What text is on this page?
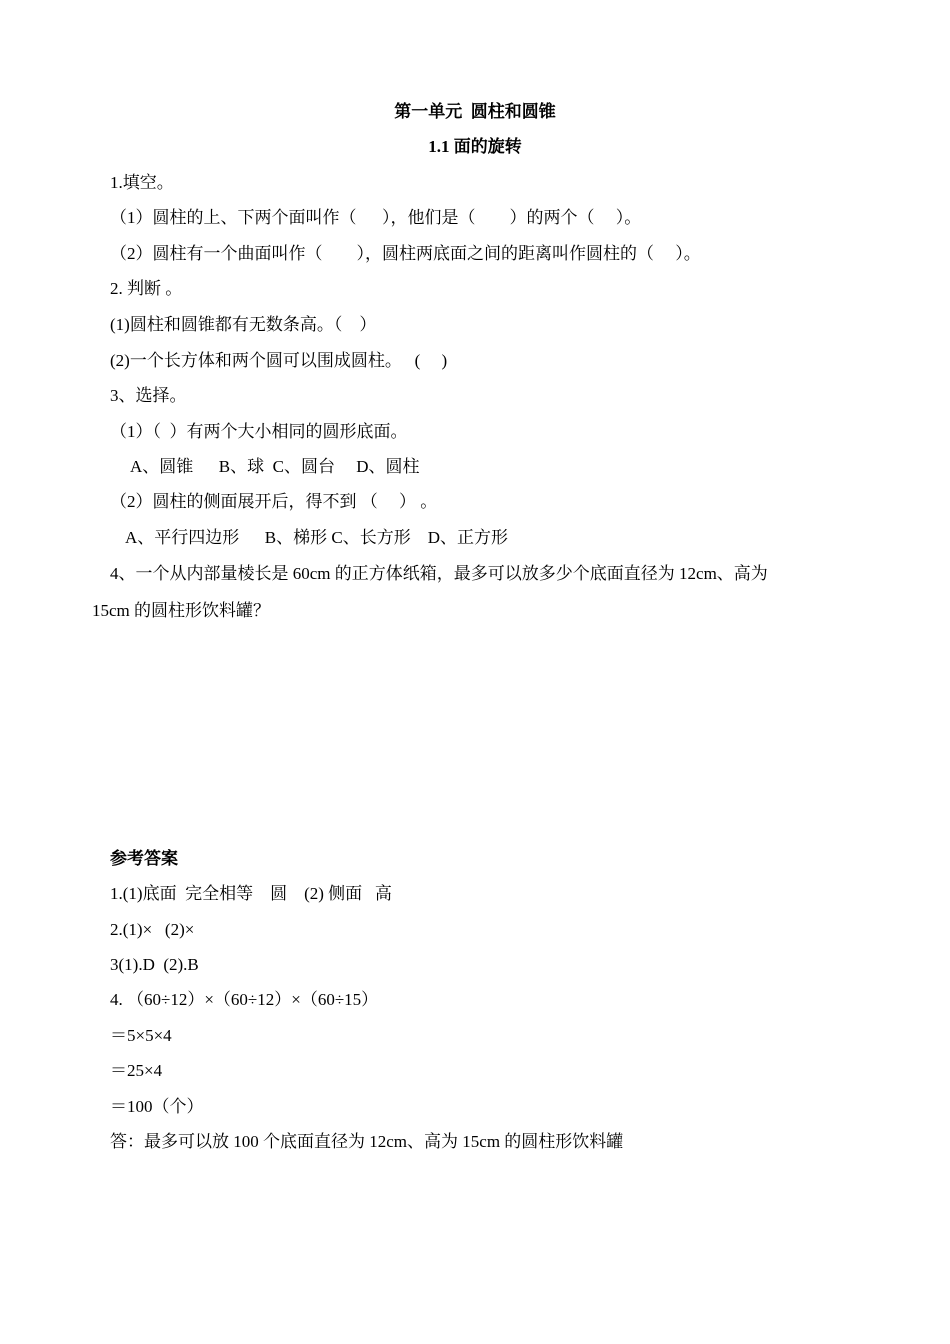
第一单元  圆柱和圆锥
1.1 面的旋转
1.填空。
（1）圆柱的上、下两个面叫作（      ），他们是（        ）的两个（     ）。
（2）圆柱有一个曲面叫作（        ），圆柱两底面之间的距离叫作圆柱的（     ）。
2. 判断 。
(1)圆柱和圆锥都有无数条高。（    ）
(2)一个长方体和两个圆可以围成圆柱。   (     )
3、选择。
（1）（  ）有两个大小相同的圆形底面。
A、圆锥      B、球  C、圆台     D、圆柱
（2）圆柱的侧面展开后，得不到 （     ） 。
A、平行四边形      B、梯形 C、长方形    D、正方形
4、一个从内部量棱长是 60cm 的正方体纸箱，最多可以放多少个底面直径为 12cm、高为
15cm 的圆柱形饮料罐？
参考答案
1.(1)底面  完全相等    圆    (2) 侧面   高
2.(1)×   (2)×
3(1).D  (2).B
4. （60÷12）×（60÷12）×（60÷15）
＝5×5×4
＝25×4
＝100（个）
答：最多可以放 100 个底面直径为 12cm、高为 15cm 的圆柱形饮料罐
